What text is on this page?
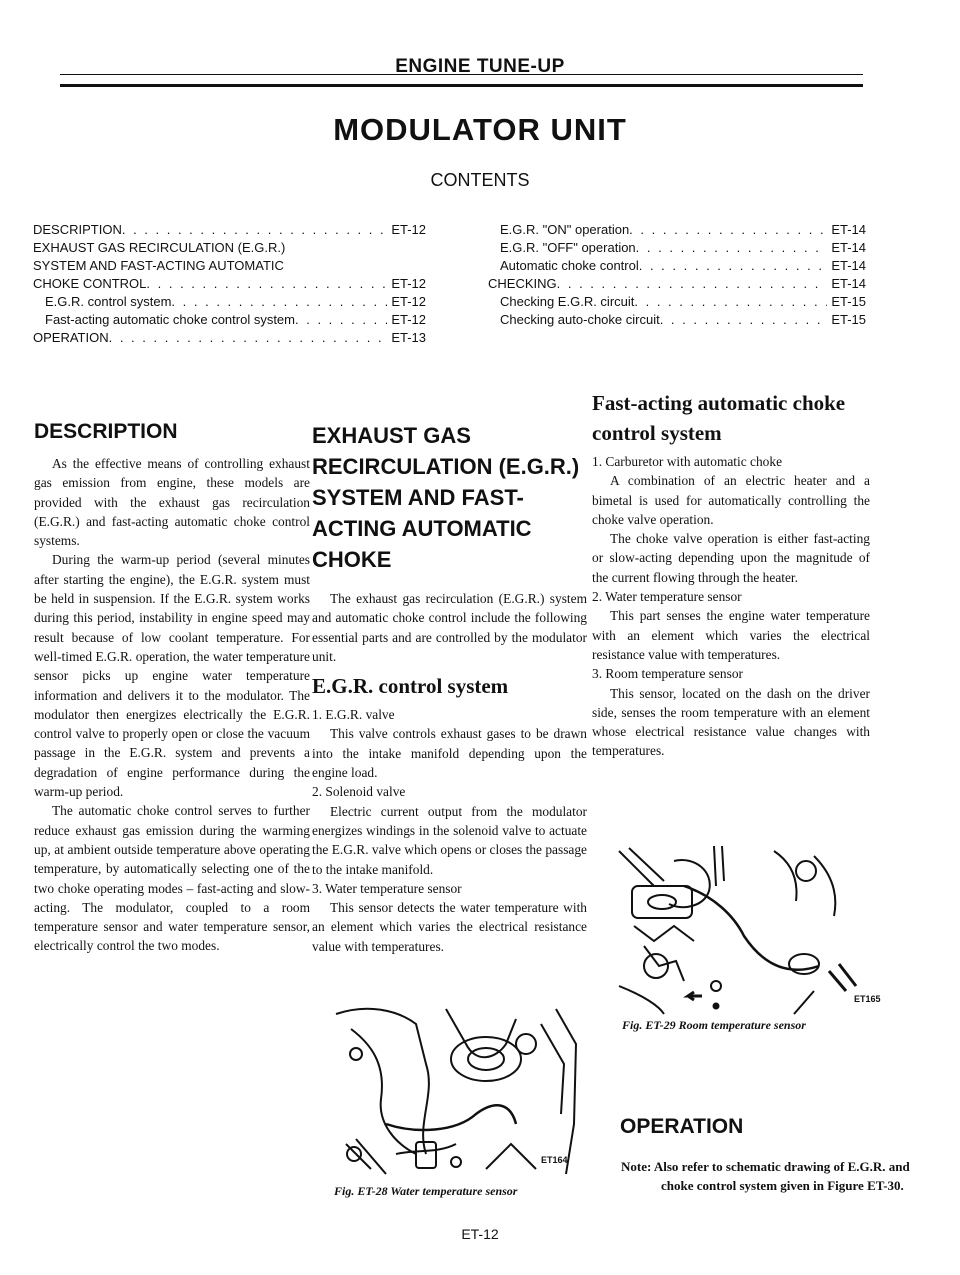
ENGINE TUNE-UP
MODULATOR UNIT
CONTENTS
DESCRIPTION . . .	ET-12
EXHAUST GAS RECIRCULATION (E.G.R.)
SYSTEM AND FAST-ACTING AUTOMATIC
CHOKE CONTROL . . .	ET-12
E.G.R. control system . . .	ET-12
Fast-acting automatic choke control system . . .	ET-12
OPERATION . . .	ET-13
E.G.R. "ON" operation . . .	ET-14
E.G.R. "OFF" operation . . .	ET-14
Automatic choke control . . .	ET-14
CHECKING . . .	ET-14
Checking E.G.R. circuit . . .	ET-15
Checking auto-choke circuit . . .	ET-15
DESCRIPTION

As the effective means of controlling exhaust gas emission from engine, these models are provided with the exhaust gas recirculation (E.G.R.) and fast-acting automatic choke control systems.

During the warm-up period (several minutes after starting the engine), the E.G.R. system must be held in suspension. If the E.G.R. system works during this period, instability in engine speed may result because of low coolant temperature. For well-timed E.G.R. operation, the water temperature sensor picks up engine water temperature information and delivers it to the modulator. The modulator then energizes electrically the E.G.R. control valve to properly open or close the vacuum passage in the E.G.R. system and prevents a degradation of engine performance during the warm-up period.

The automatic choke control serves to further reduce exhaust gas emission during the warming up, at ambient outside temperature above operating temperature, by automatically selecting one of the two choke operating modes – fast-acting and slow-acting. The modulator, coupled to a room temperature sensor and water temperature sensor, electrically control the two modes.

EXHAUST GAS RECIRCULATION (E.G.R.) SYSTEM AND FAST-ACTING AUTOMATIC CHOKE

The exhaust gas recirculation (E.G.R.) system and automatic choke control include the following essential parts and are controlled by the modulator unit.

E.G.R. control system

1. E.G.R. valve

This valve controls exhaust gases to be drawn into the intake manifold depending upon the engine load.

2. Solenoid valve

Electric current output from the modulator energizes windings in the solenoid valve to actuate the E.G.R. valve which opens or closes the passage to the intake manifold.

3. Water temperature sensor

This sensor detects the water temperature with an element which varies the electrical resistance value with temperatures.

ET164
Fig. ET-28 Water temperature sensor
Fast-acting automatic choke control system

1. Carburetor with automatic choke

A combination of an electric heater and a bimetal is used for automatically controlling the choke valve operation.

The choke valve operation is either fast-acting or slow-acting depending upon the magnitude of the current flowing through the heater.

2. Water temperature sensor

This part senses the engine water temperature with an element which varies the electrical resistance value with temperatures.

3. Room temperature sensor

This sensor, located on the dash on the driver side, senses the room temperature with an element whose electrical resistance value changes with temperatures.

ET165
Fig. ET-29 Room temperature sensor
OPERATION
Note: Also refer to schematic drawing of E.G.R. and choke control system given in Figure ET-30.
ET-12
